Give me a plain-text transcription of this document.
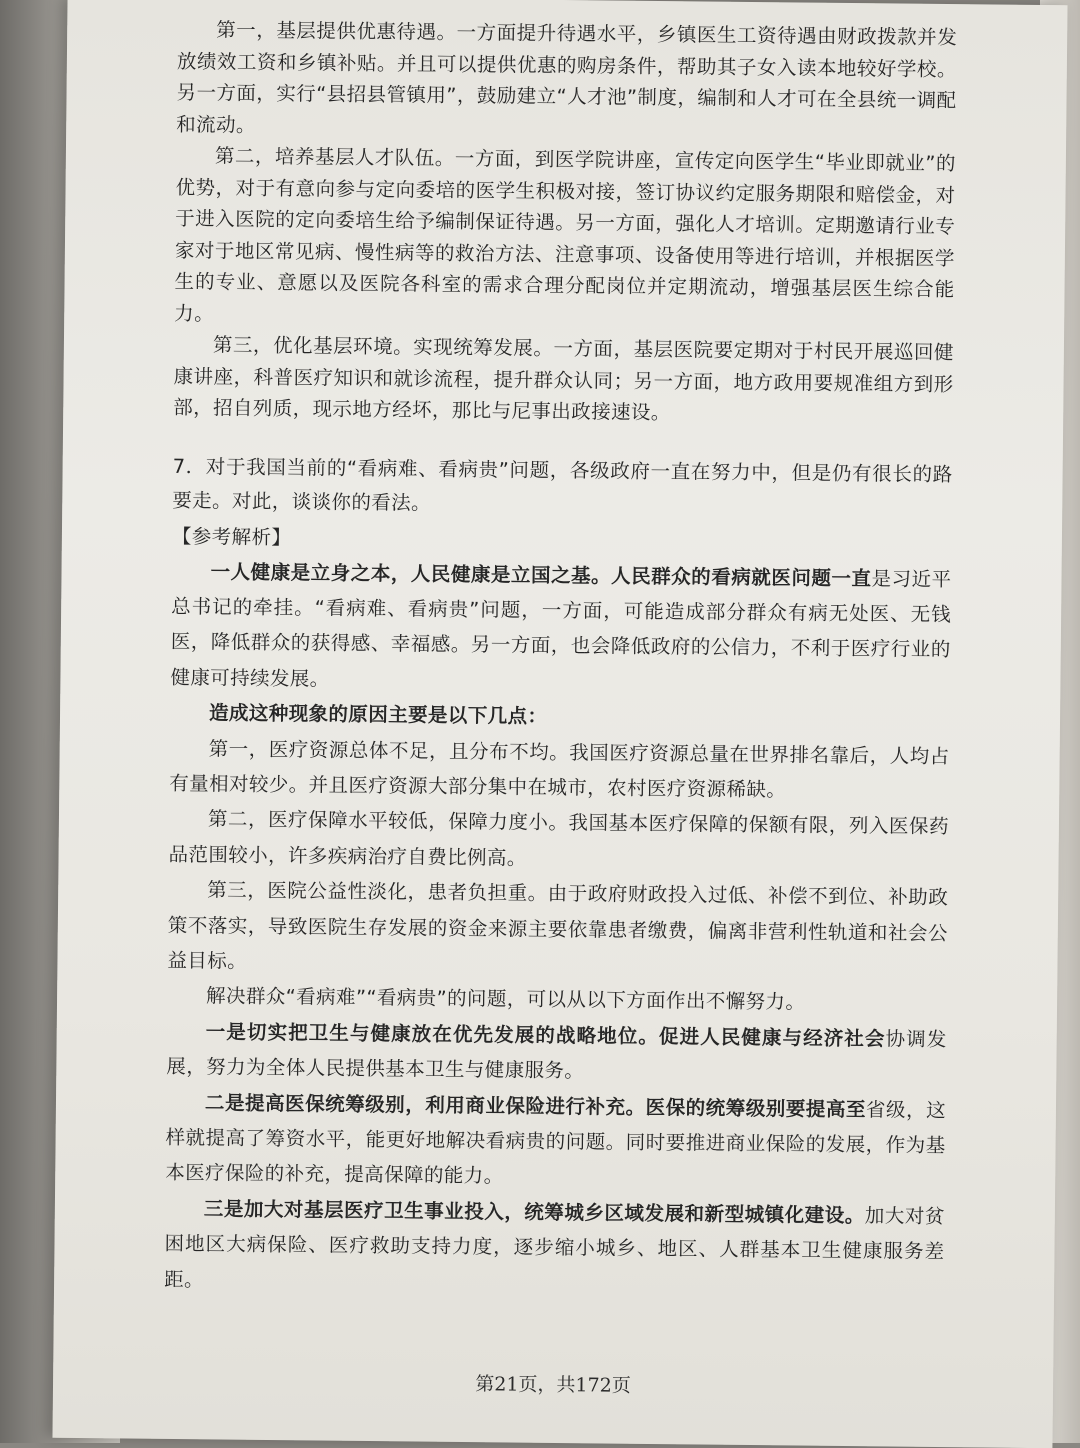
第一，基层提供优惠待遇。一方面提升待遇水平，乡镇医生工资待遇由财政拨款并发放绩效工资和乡镇补贴。并且可以提供优惠的购房条件，帮助其子女入读本地较好学校。另一方面，实行“县招县管镇用”，鼓励建立“人才池”制度，编制和人才可在全县统一调配和流动。

第二，培养基层人才队伍。一方面，到医学院讲座，宣传定向医学生“毕业即就业”的优势，对于有意向参与定向委培的医学生积极对接，签订协议约定服务期限和赔偿金，对于进入医院的定向委培生给予编制保证待遇。另一方面，强化人才培训。定期邀请行业专家对于地区常见病、慢性病等的救治方法、注意事项、设备使用等进行培训，并根据医学生的专业、意愿以及医院各科室的需求合理分配岗位并定期流动，增强基层医生综合能力。

第三，优化基层环境。实现统筹发展。一方面，基层医院要定期对于村民开展巡回健康讲座，科普医疗知识和就诊流程，提升群众认同；另一方面，地方政用要规准组方到形部，招自列质，现示地方经坏，那比与尼事出政接速设。

7．对于我国当前的“看病难、看病贵”问题，各级政府一直在努力中，但是仍有很长的路要走。对此，谈谈你的看法。

【参考解析】

一人健康是立身之本，人民健康是立国之基。人民群众的看病就医问题一直是习近平总书记的牵挂。“看病难、看病贵”问题，一方面，可能造成部分群众有病无处医、无钱医，降低群众的获得感、幸福感。另一方面，也会降低政府的公信力，不利于医疗行业的健康可持续发展。

造成这种现象的原因主要是以下几点：

第一，医疗资源总体不足，且分布不均。我国医疗资源总量在世界排名靠后，人均占有量相对较少。并且医疗资源大部分集中在城市，农村医疗资源稀缺。

第二，医疗保障水平较低，保障力度小。我国基本医疗保障的保额有限，列入医保药品范围较小，许多疾病治疗自费比例高。

第三，医院公益性淡化，患者负担重。由于政府财政投入过低、补偿不到位、补助政策不落实，导致医院生存发展的资金来源主要依靠患者缴费，偏离非营利性轨道和社会公益目标。

解决群众“看病难”“看病贵”的问题，可以从以下方面作出不懈努力。

一是切实把卫生与健康放在优先发展的战略地位。促进人民健康与经济社会协调发展，努力为全体人民提供基本卫生与健康服务。

二是提高医保统筹级别，利用商业保险进行补充。医保的统筹级别要提高至省级，这样就提高了筹资水平，能更好地解决看病贵的问题。同时要推进商业保险的发展，作为基本医疗保险的补充，提高保障的能力。

三是加大对基层医疗卫生事业投入，统筹城乡区域发展和新型城镇化建设。加大对贫困地区大病保险、医疗救助支持力度，逐步缩小城乡、地区、人群基本卫生健康服务差距。

第21页，共172页
